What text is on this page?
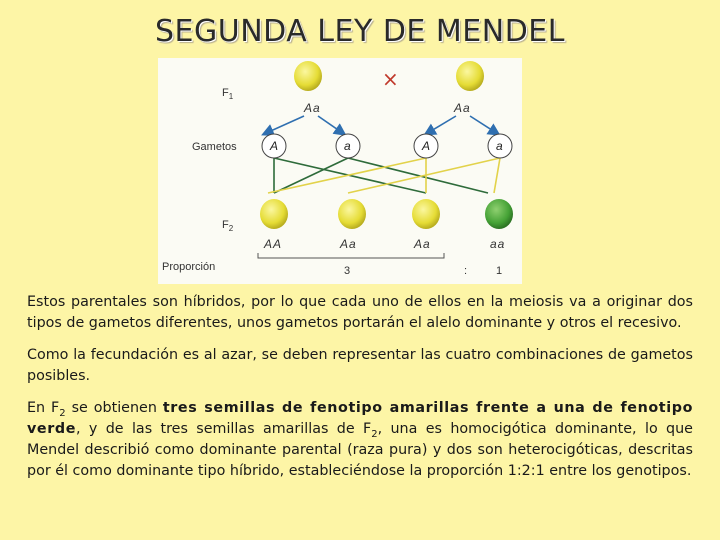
SEGUNDA LEY DE MENDEL
$F_1$
Gametos
$F_2$
Proporción
×
Aa	Aa
A	a	A	a
AA	Aa	Aa	aa
3	:	1

Estos parentales son híbridos, por lo que cada uno de ellos en la meiosis va a originar dos tipos de gametos diferentes, unos gametos portarán el alelo dominante y otros el recesivo.

Como la fecundación es al azar, se deben representar las cuatro combinaciones de gametos posibles.

En $F_2$ se obtienen tres semillas de fenotipo amarillas frente a una de fenotipo verde, y de las tres semillas amarillas de $F_2$, una es homocigótica dominante, lo que Mendel describió como dominante parental (raza pura) y dos son heterocigóticas, descritas por él como dominante tipo híbrido, estableciéndose la proporción 1:2:1 entre los genotipos.
